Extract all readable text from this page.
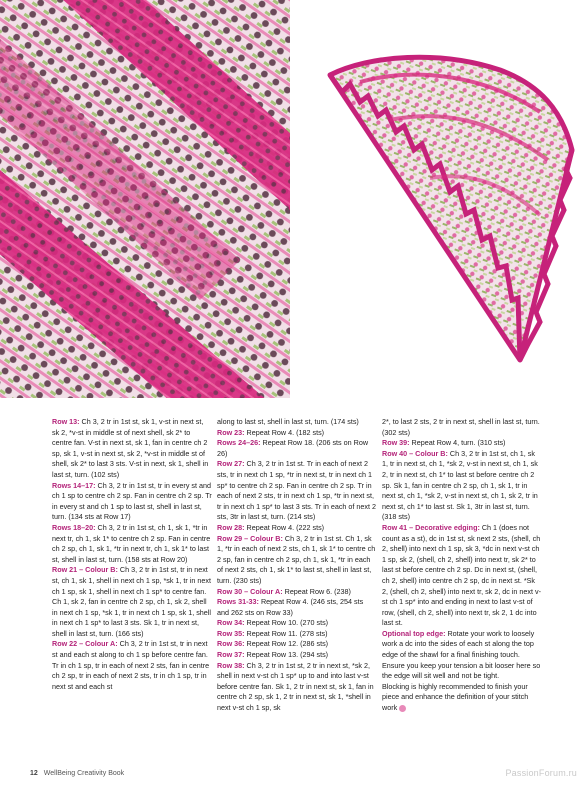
Row 13: Ch 3, 2 tr in 1st st, sk 1, v-st in next st, sk 2, *v-st in middle st of next shell, sk 2* to centre fan. V-st in next st, sk 1, fan in centre ch 2 sp, sk 1, v-st in next st, sk 2, *v-st in middle st of shell, sk 2* to last 3 sts. V-st in next, sk 1, shell in last st, turn. (102 sts)

Rows 14–17: Ch 3, 2 tr in 1st st, tr in every st and ch 1 sp to centre ch 2 sp. Fan in centre ch 2 sp. Tr in every st and ch 1 sp to last st, shell in last st, turn. (134 sts at Row 17)

Rows 18–20: Ch 3, 2 tr in 1st st, ch 1, sk 1, *tr in next tr, ch 1, sk 1* to centre ch 2 sp. Fan in centre ch 2 sp, ch 1, sk 1, *tr in next tr, ch 1, sk 1* to last st, shell in last st, turn. (158 sts at Row 20)

Row 21 – Colour B: Ch 3, 2 tr in 1st st, tr in next st, ch 1, sk 1, shell in next ch 1 sp, *sk 1, tr in next ch 1 sp, sk 1, shell in next ch 1 sp* to centre fan. Ch 1, sk 2, fan in centre ch 2 sp, ch 1, sk 2, shell in next ch 1 sp, *sk 1, tr in next ch 1 sp, sk 1, shell in next ch 1 sp* to last 3 sts. Sk 1, tr in next st, shell in last st, turn. (166 sts)

Row 22 – Colour A: Ch 3, 2 tr in 1st st, tr in next st and each st along to ch 1 sp before centre fan. Tr in ch 1 sp, tr in each of next 2 sts, fan in centre ch 2 sp, tr in each of next 2 sts, tr in ch 1 sp, tr in next st and each st

along to last st, shell in last st, turn. (174 sts)

Row 23: Repeat Row 4. (182 sts)

Rows 24–26: Repeat Row 18. (206 sts on Row 26)

Row 27: Ch 3, 2 tr in 1st st. Tr in each of next 2 sts, tr in next ch 1 sp, *tr in next st, tr in next ch 1 sp* to centre ch 2 sp. Fan in centre ch 2 sp. Tr in each of next 2 sts, tr in next ch 1 sp, *tr in next st, tr in next ch 1 sp* to last 3 sts. Tr in each of next 2 sts, 3tr in last st, turn. (214 sts)

Row 28: Repeat Row 4. (222 sts)

Row 29 – Colour B: Ch 3, 2 tr in 1st st. Ch 1, sk 1, *tr in each of next 2 sts, ch 1, sk 1* to centre ch 2 sp, fan in centre ch 2 sp, ch 1, sk 1, *tr in each of next 2 sts, ch 1, sk 1* to last st, shell in last st, turn. (230 sts)

Row 30 – Colour A: Repeat Row 6. (238)

Rows 31-33: Repeat Row 4. (246 sts, 254 sts and 262 sts on Row 33)

Row 34: Repeat Row 10. (270 sts)

Row 35: Repeat Row 11. (278 sts)

Row 36: Repeat Row 12. (286 sts)

Row 37: Repeat Row 13. (294 sts)

Row 38: Ch 3, 2 tr in 1st st, 2 tr in next st, *sk 2, shell in next v-st ch 1 sp* up to and into last v-st before centre fan. Sk 1, 2 tr in next st, sk 1, fan in centre ch 2 sp, sk 1, 2 tr in next st, sk 1, *shell in next v-st ch 1 sp, sk

2*, to last 2 sts, 2 tr in next st, shell in last st, turn. (302 sts)

Row 39: Repeat Row 4, turn. (310 sts)

Row 40 – Colour B: Ch 3, 2 tr in 1st st, ch 1, sk 1, tr in next st, ch 1, *sk 2, v-st in next st, ch 1, sk 2, tr in next st, ch 1* to last st before centre ch 2 sp. Sk 1, fan in centre ch 2 sp, ch 1, sk 1, tr in next st, ch 1, *sk 2, v-st in next st, ch 1, sk 2, tr in next st, ch 1* to last st. Sk 1, 3tr in last st, turn. (318 sts)

Row 41 – Decorative edging: Ch 1 (does not count as a st), dc in 1st st, sk next 2 sts, (shell, ch 2, shell) into next ch 1 sp, sk 3, *dc in next v-st ch 1 sp, sk 2, (shell, ch 2, shell) into next tr, sk 2* to last st before centre ch 2 sp. Dc in next st, (shell, ch 2, shell) into centre ch 2 sp, dc in next st. *Sk 2, (shell, ch 2, shell) into next tr, sk 2, dc in next v-st ch 1 sp* into and ending in next to last v-st of row, (shell, ch 2, shell) into next tr, sk 2, 1 dc into last st.

Optional top edge: Rotate your work to loosely work a dc into the sides of each st along the top edge of the shawl for a final finishing touch. Ensure you keep your tension a bit looser here so the edge will sit well and not be tight.

Blocking is highly recommended to finish your piece and enhance the definition of your stitch work

12 WellBeing Creativity Book	PassionForum.ru
